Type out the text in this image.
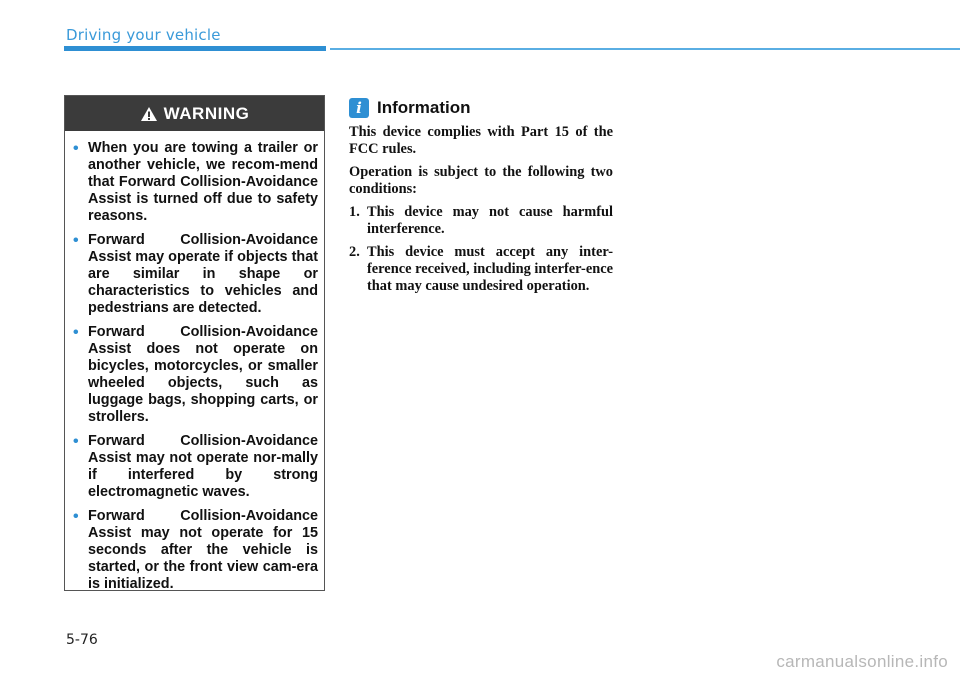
Driving your vehicle
WARNING
• When you are towing a trailer or another vehicle, we recom-mend that Forward Collision-Avoidance Assist is turned off due to safety reasons.
• Forward Collision-Avoidance Assist may operate if objects that are similar in shape or characteristics to vehicles and pedestrians are detected.
• Forward Collision-Avoidance Assist does not operate on bicycles, motorcycles, or smaller wheeled objects, such as luggage bags, shopping carts, or strollers.
• Forward Collision-Avoidance Assist may not operate nor-mally if interfered by strong electromagnetic waves.
• Forward Collision-Avoidance Assist may not operate for 15 seconds after the vehicle is started, or the front view cam-era is initialized.
i Information

This device complies with Part 15 of the FCC rules.

Operation is subject to the following two conditions:

1. This device may not cause harmful interference.
2. This device must accept any inter-ference received, including interfer-ence that may cause undesired operation.
5-76
carmanualsonline.info
